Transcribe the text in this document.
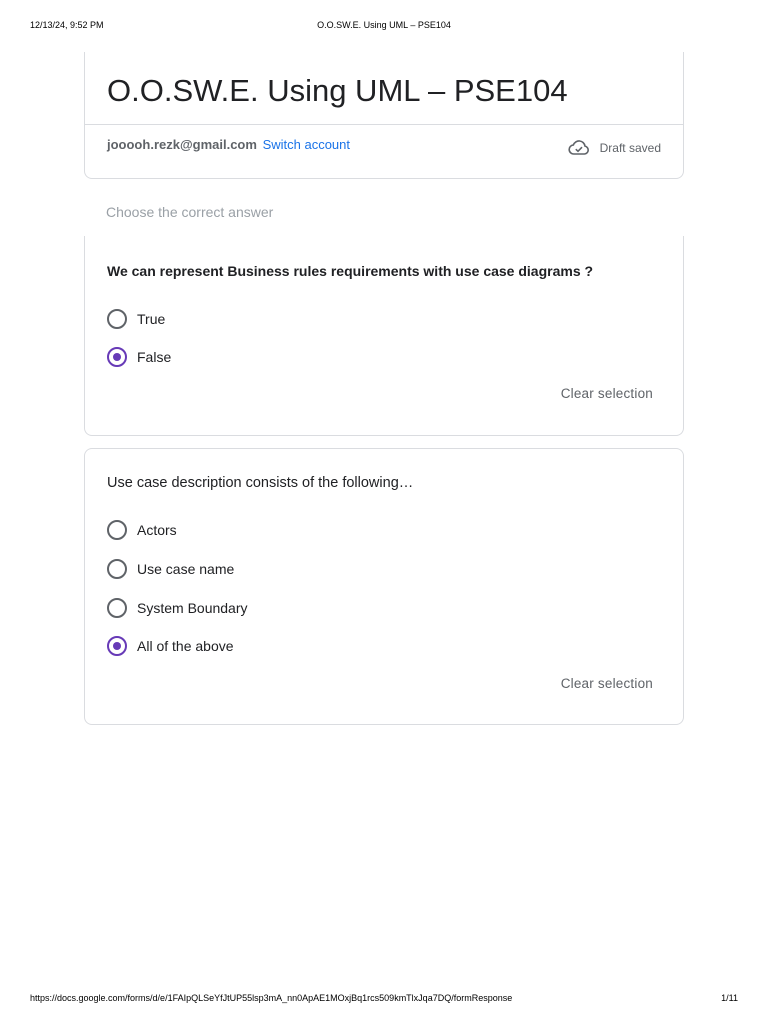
12/13/24, 9:52 PM	O.O.SW.E. Using UML – PSE104
O.O.SW.E. Using UML – PSE104
jooooh.rezk@gmail.com Switch account	Draft saved
Choose the correct answer
We can represent Business rules requirements with use case diagrams ?
True
False
Clear selection
Use case description consists of the following…
Actors
Use case name
System Boundary
All of the above
Clear selection
https://docs.google.com/forms/d/e/1FAIpQLSeYfJtUP55lsp3mA_nn0ApAE1MOxjBq1rcs509kmTlxJqa7DQ/formResponse	1/11
